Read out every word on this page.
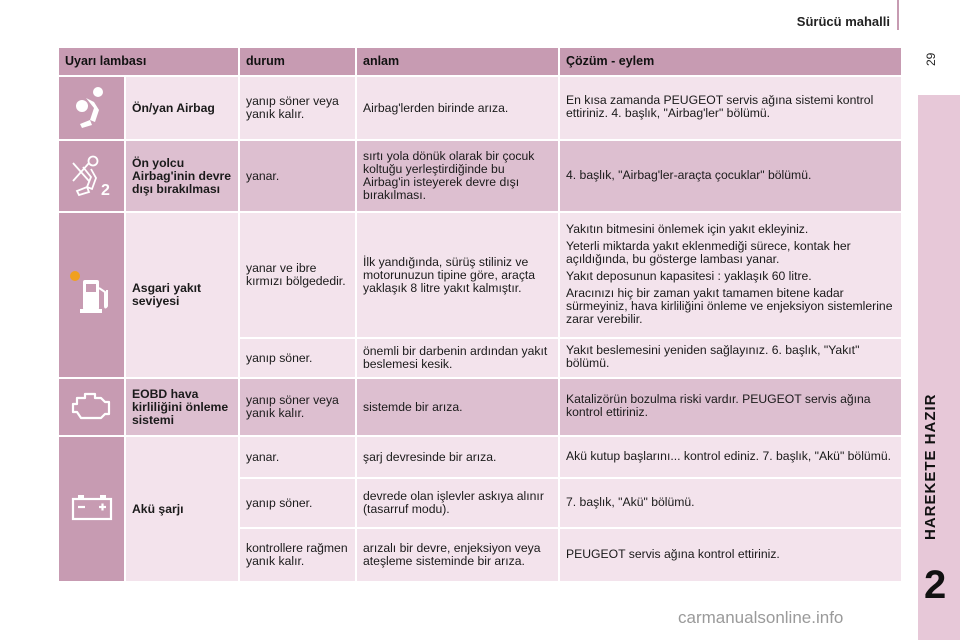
Sürücü mahalli
29
HAREKETE HAZIR
2
Uyarı lambası		durum	anlam	Çözüm - eylem

	Ön/yan Airbag	yanıp söner veya yanık kalır.	Airbag'lerden birinde arıza.	En kısa zamanda PEUGEOT servis ağına sistemi kontrol ettiriniz. 4. başlık, "Airbag'ler" bölümü.

2	Ön yolcu Airbag'inin devre dışı bırakılması	yanar.	sırtı yola dönük olarak bir çocuk koltuğu yerleştirdiğinde bu Airbag'in isteyerek devre dışı bırakılması.	4. başlık, "Airbag'ler-araçta çocuklar" bölümü.

	Asgari yakıt seviyesi	yanar ve ibre kırmızı bölgededir.	İlk yandığında, sürüş stiliniz ve motorunuzun tipine göre, araçta yaklaşık 8 litre yakıt kalmıştır.	Yakıtın bitmesini önlemek için yakıt ekleyiniz.

Yeterli miktarda yakıt eklenmediği sürece, kontak her açıldığında, bu gösterge lambası yanar.

Yakıt deposunun kapasitesi : yaklaşık 60 litre.

Aracınızı hiç bir zaman yakıt tamamen bitene kadar sürmeyiniz, hava kirliliğini önleme ve enjeksiyon sistemlerine zarar verebilir.

		yanıp söner.	önemli bir darbenin ardından yakıt beslemesi kesik.	Yakıt beslemesini yeniden sağlayınız. 6. başlık, "Yakıt" bölümü.

	EOBD hava kirliliğini önleme sistemi	yanıp söner veya yanık kalır.	sistemde bir arıza.	Katalizörün bozulma riski vardır. PEUGEOT servis ağına kontrol ettiriniz.

	Akü şarjı	yanar.	şarj devresinde bir arıza.	Akü kutup başlarını... kontrol ediniz. 7. başlık, "Akü" bölümü.

		yanıp söner.	devrede olan işlevler askıya alınır (tasarruf modu).	7. başlık, "Akü" bölümü.

		kontrollere rağmen yanık kalır.	arızalı bir devre, enjeksiyon veya ateşleme sisteminde bir arıza.	PEUGEOT servis ağına kontrol ettiriniz.

carmanualsonline.info
